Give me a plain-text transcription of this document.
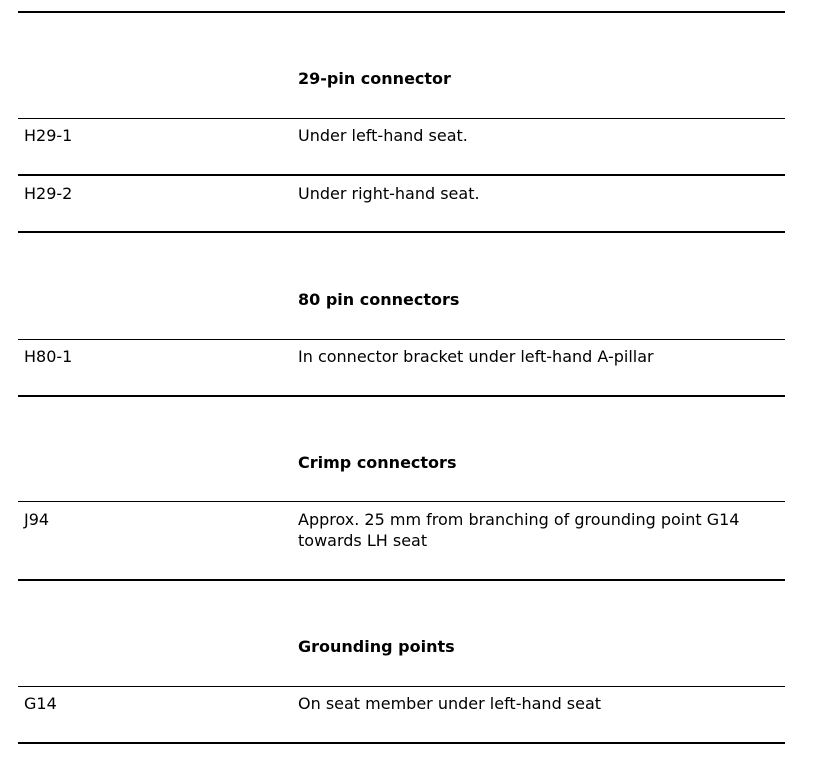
29-pin connector
H29-1	Under left-hand seat.
H29-2	Under right-hand seat.
80 pin connectors
H80-1	In connector bracket under left-hand A-pillar
Crimp connectors
J94	Approx. 25 mm from branching of grounding point G14
towards LH seat
Grounding points
G14	On seat member under left-hand seat
